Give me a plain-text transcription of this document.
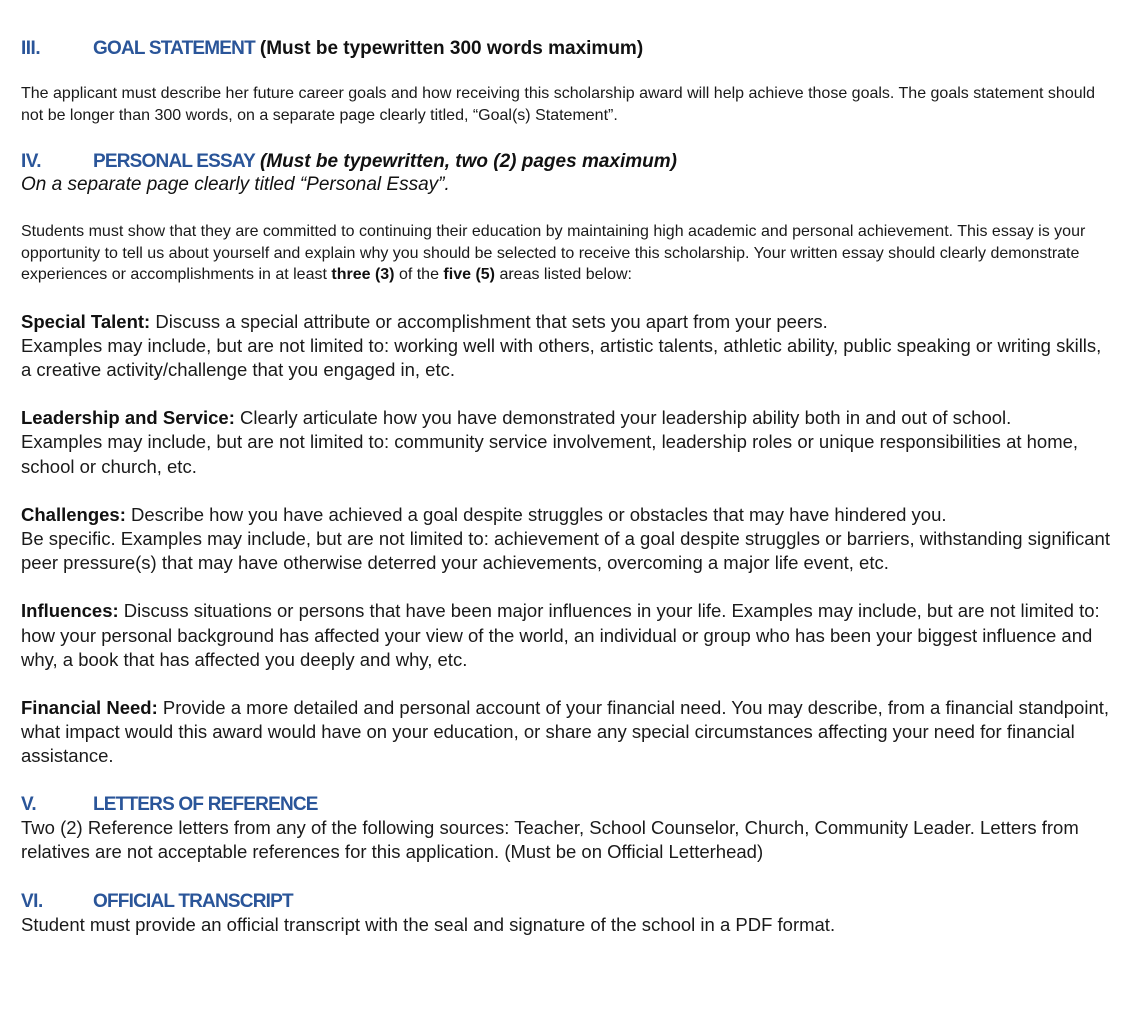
III.	GOAL STATEMENT (Must be typewritten 300 words maximum)

The applicant must describe her future career goals and how receiving this scholarship award will help achieve those goals. The goals statement should not be longer than 300 words, on a separate page clearly titled, “Goal(s) Statement”.

IV.	PERSONAL ESSAY (Must be typewritten, two (2) pages maximum)
On a separate page clearly titled “Personal Essay”.

Students must show that they are committed to continuing their education by maintaining high academic and personal achievement. This essay is your opportunity to tell us about yourself and explain why you should be selected to receive this scholarship. Your written essay should clearly demonstrate experiences or accomplishments in at least three (3) of the five (5) areas listed below:

Special Talent: Discuss a special attribute or accomplishment that sets you apart from your peers.
Examples may include, but are not limited to: working well with others, artistic talents, athletic ability, public speaking or writing skills, a creative activity/challenge that you engaged in, etc.

Leadership and Service: Clearly articulate how you have demonstrated your leadership ability both in and out of school.
Examples may include, but are not limited to: community service involvement, leadership roles or unique responsibilities at home, school or church, etc.

Challenges: Describe how you have achieved a goal despite struggles or obstacles that may have hindered you.
Be specific. Examples may include, but are not limited to: achievement of a goal despite struggles or barriers, withstanding significant peer pressure(s) that may have otherwise deterred your achievements, overcoming a major life event, etc.

Influences: Discuss situations or persons that have been major influences in your life. Examples may include, but are not limited to: how your personal background has affected your view of the world, an individual or group who has been your biggest influence and why, a book that has affected you deeply and why, etc.

Financial Need: Provide a more detailed and personal account of your financial need. You may describe, from a financial standpoint, what impact would this award would have on your education, or share any special circumstances affecting your need for financial assistance.

V.	LETTERS OF REFERENCE

Two (2) Reference letters from any of the following sources: Teacher, School Counselor, Church, Community Leader. Letters from relatives are not acceptable references for this application. (Must be on Official Letterhead)

VI.	OFFICIAL TRANSCRIPT

Student must provide an official transcript with the seal and signature of the school in a PDF format.
